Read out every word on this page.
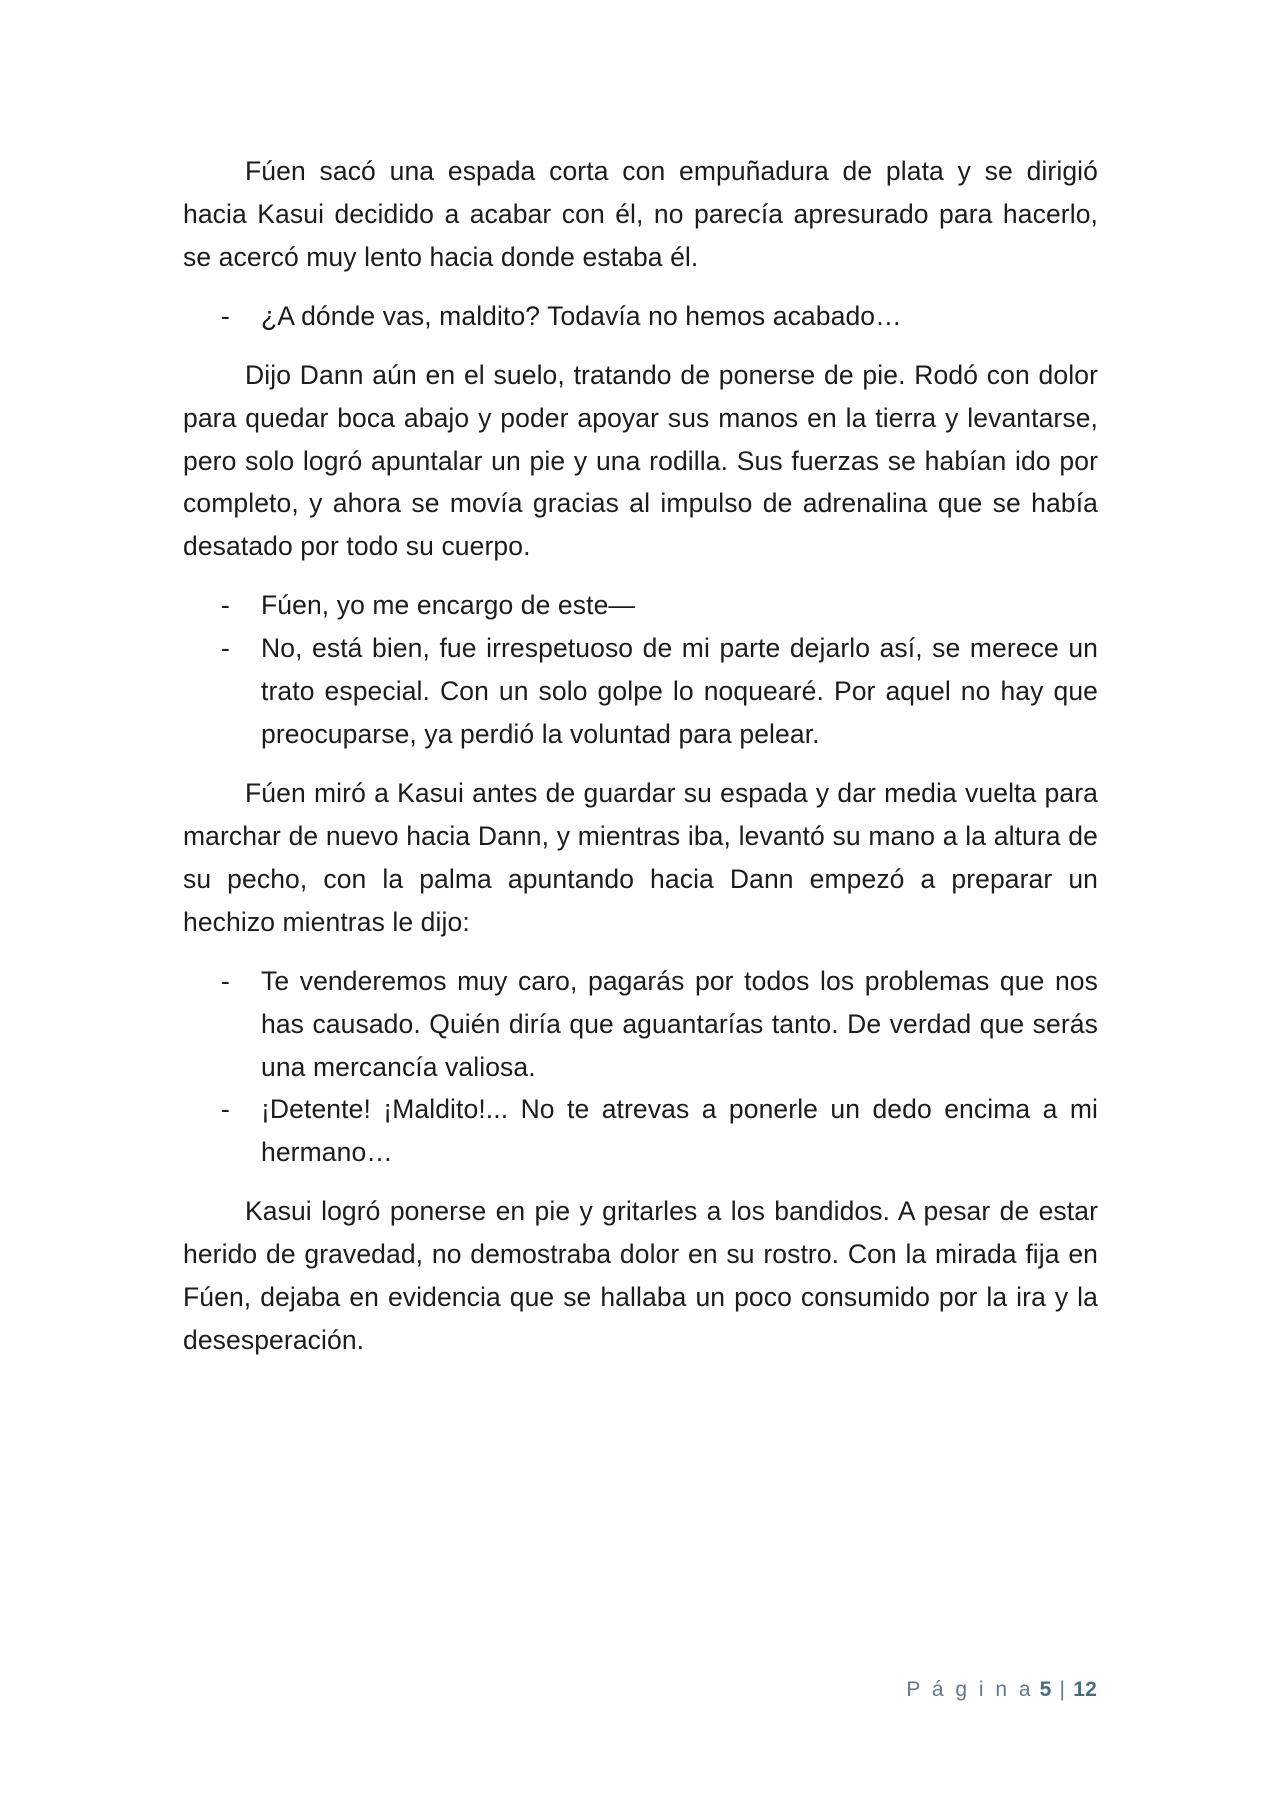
Fúen sacó una espada corta con empuñadura de plata y se dirigió hacia Kasui decidido a acabar con él, no parecía apresurado para hacerlo, se acercó muy lento hacia donde estaba él.

- ¿A dónde vas, maldito? Todavía no hemos acabado…

Dijo Dann aún en el suelo, tratando de ponerse de pie. Rodó con dolor para quedar boca abajo y poder apoyar sus manos en la tierra y levantarse, pero solo logró apuntalar un pie y una rodilla. Sus fuerzas se habían ido por completo, y ahora se movía gracias al impulso de adrenalina que se había desatado por todo su cuerpo.

- Fúen, yo me encargo de este—
- No, está bien, fue irrespetuoso de mi parte dejarlo así, se merece un trato especial. Con un solo golpe lo noquearé. Por aquel no hay que preocuparse, ya perdió la voluntad para pelear.

Fúen miró a Kasui antes de guardar su espada y dar media vuelta para marchar de nuevo hacia Dann, y mientras iba, levantó su mano a la altura de su pecho, con la palma apuntando hacia Dann empezó a preparar un hechizo mientras le dijo:

- Te venderemos muy caro, pagarás por todos los problemas que nos has causado. Quién diría que aguantarías tanto. De verdad que serás una mercancía valiosa.
- ¡Detente! ¡Maldito!... No te atrevas a ponerle un dedo encima a mi hermano…

Kasui logró ponerse en pie y gritarles a los bandidos. A pesar de estar herido de gravedad, no demostraba dolor en su rostro. Con la mirada fija en Fúen, dejaba en evidencia que se hallaba un poco consumido por la ira y la desesperación.

P á g i n a 5 | 12
